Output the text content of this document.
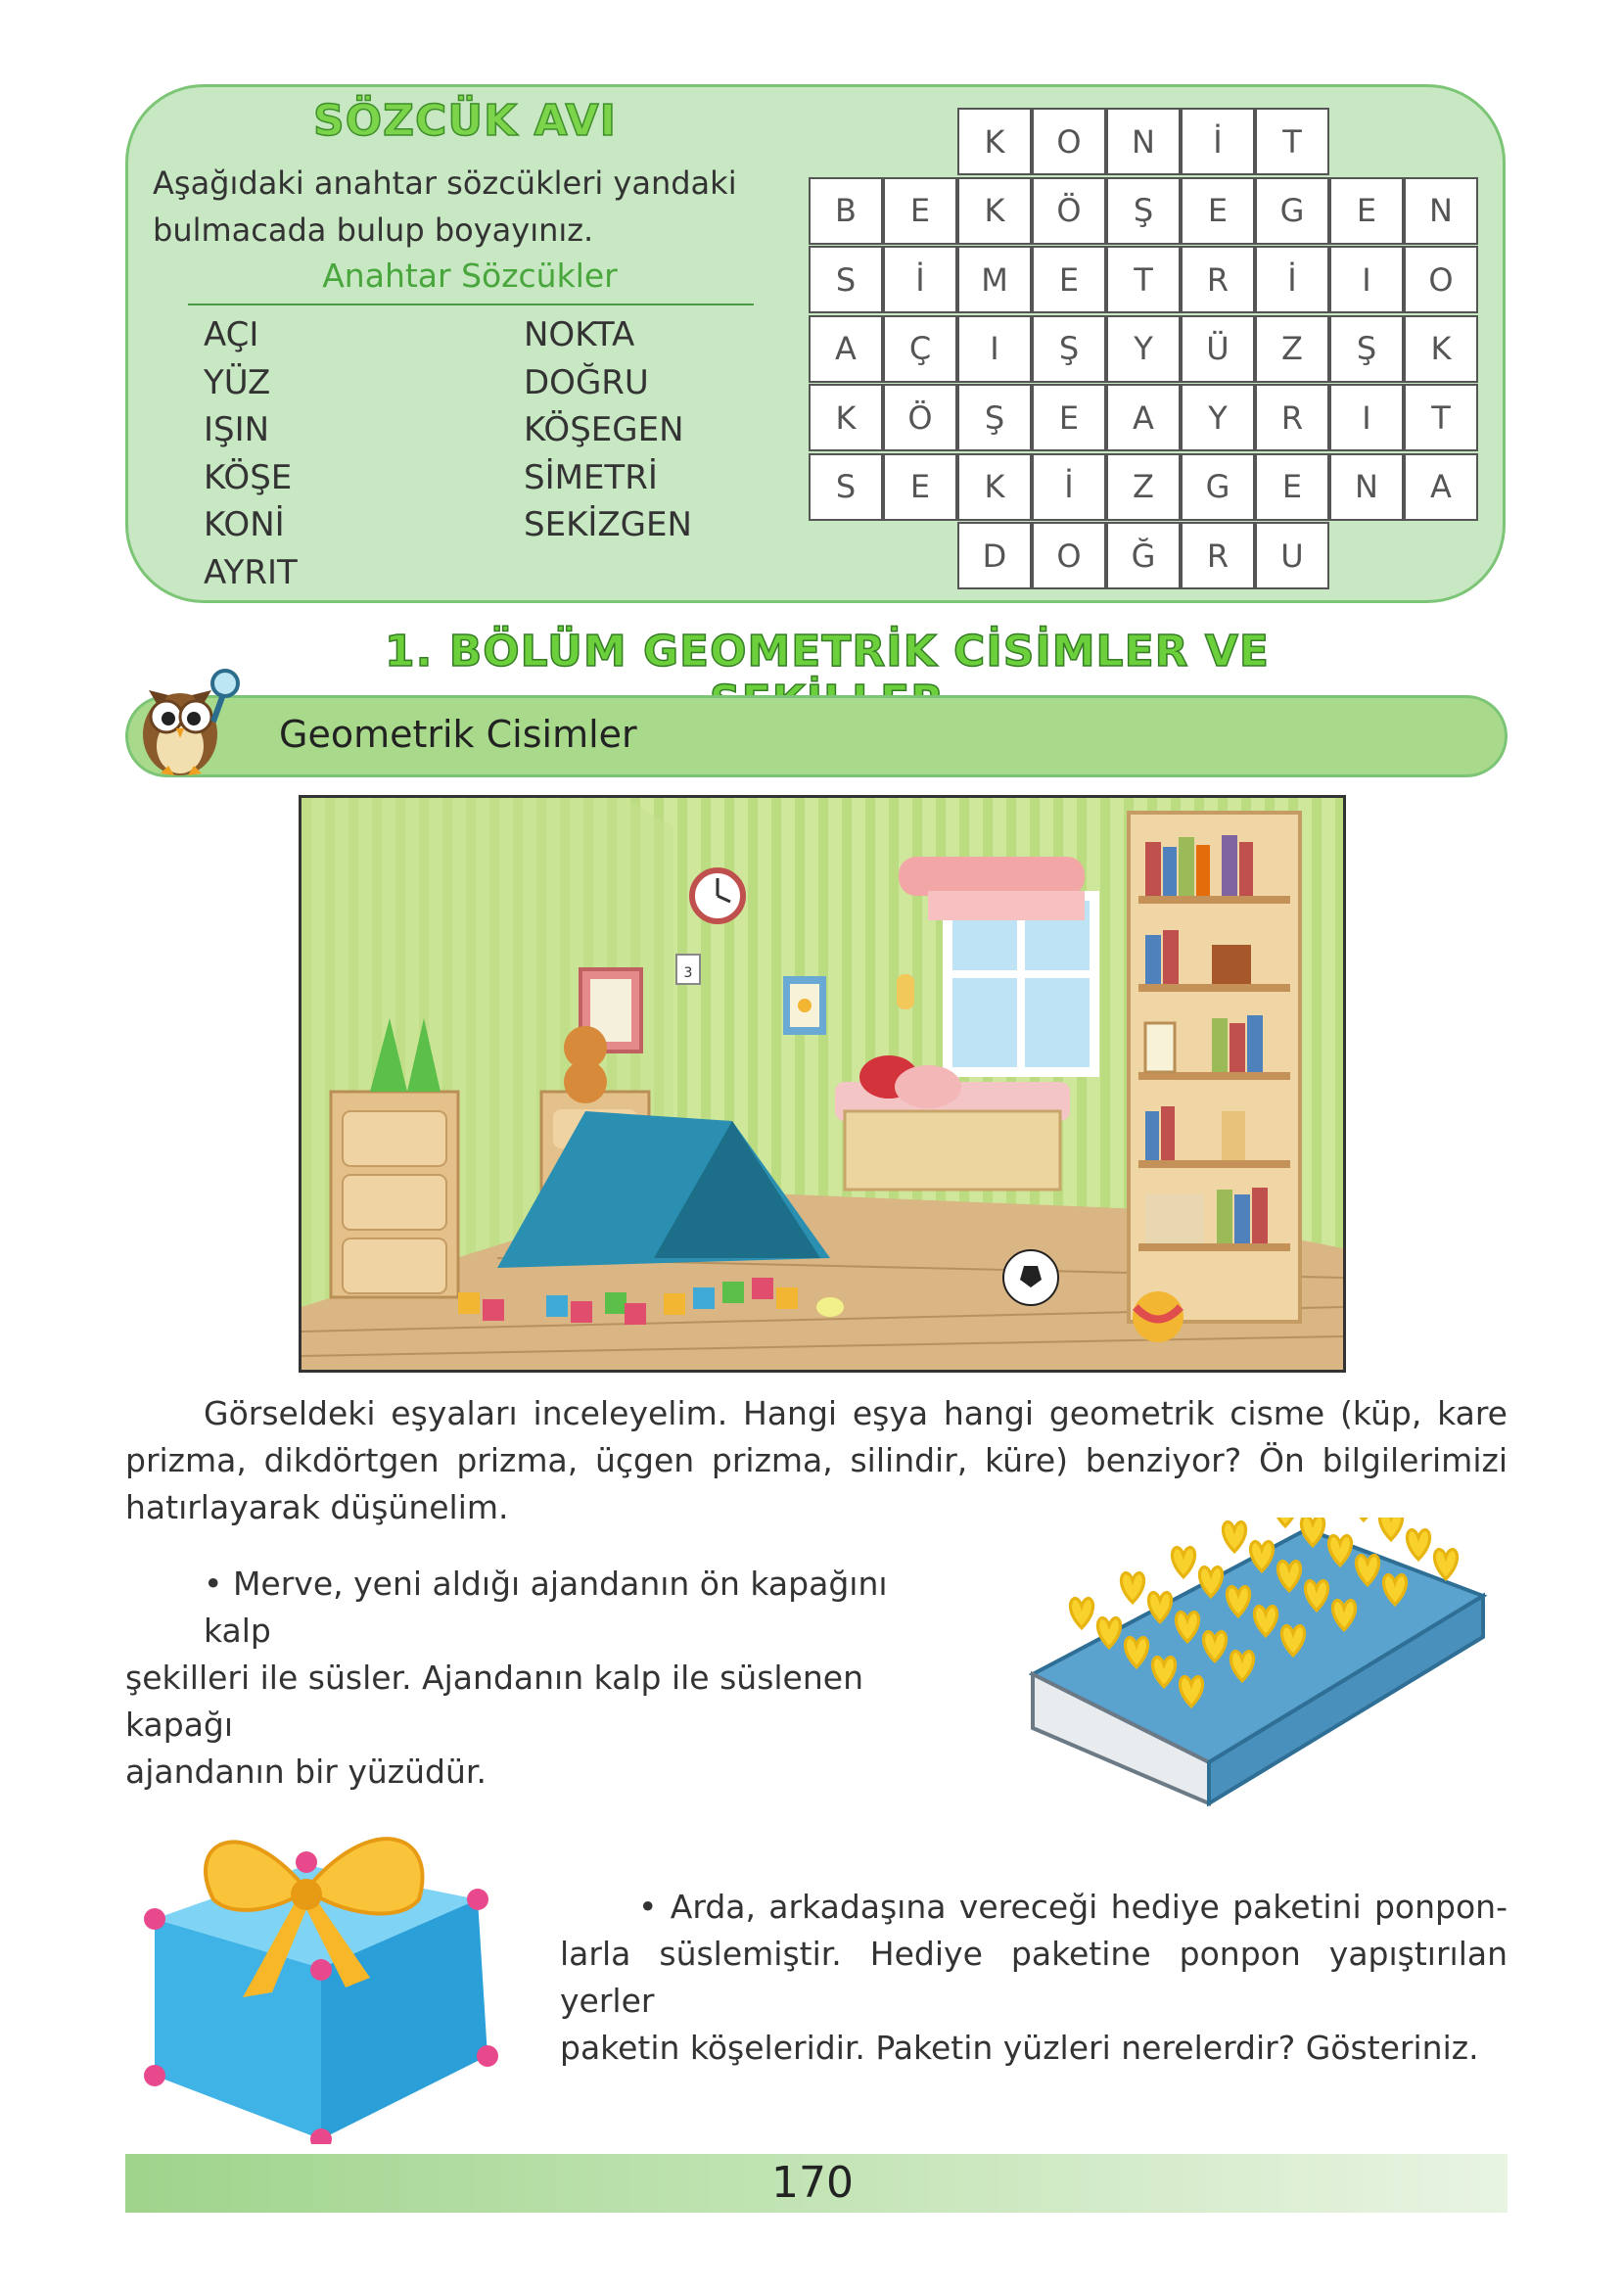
SÖZCÜK AVI
Aşağıdaki anahtar sözcükleri yandaki
bulmacada bulup boyayınız.
Anahtar Sözcükler
AÇI
YÜZ
IŞIN
KÖŞE
KONİ
AYRIT
NOKTA
DOĞRU
KÖŞEGEN
SİMETRİ
SEKİZGEN
K	O	N	İ	T
B	E	K	Ö	Ş	E	G	E	N
S	İ	M	E	T	R	İ	I	O
A	Ç	I	Ş	Y	Ü	Z	Ş	K
K	Ö	Ş	E	A	Y	R	I	T
S	E	K	İ	Z	G	E	N	A
D	O	Ğ	R	U
1. BÖLÜM GEOMETRİK CİSİMLER VE
Geometrik Cisimler
3
Görseldeki eşyaları inceleyelim. Hangi eşya hangi geometrik cisme (küp, kare prizma, dikdörtgen prizma, üçgen prizma, silindir, küre) benziyor? Ön bilgilerimizi hatırlayarak düşünelim.
• Merve, yeni aldığı ajandanın ön kapağını kalp
şekilleri ile süsler. Ajandanın kalp ile süslenen kapağı
ajandanın bir yüzüdür.
• Arda, arkadaşına vereceği hediye paketini ponpon-
larla süslemiştir. Hediye paketine ponpon yapıştırılan yerler
paketin köşeleridir. Paketin yüzleri nerelerdir? Gösteriniz.
170
